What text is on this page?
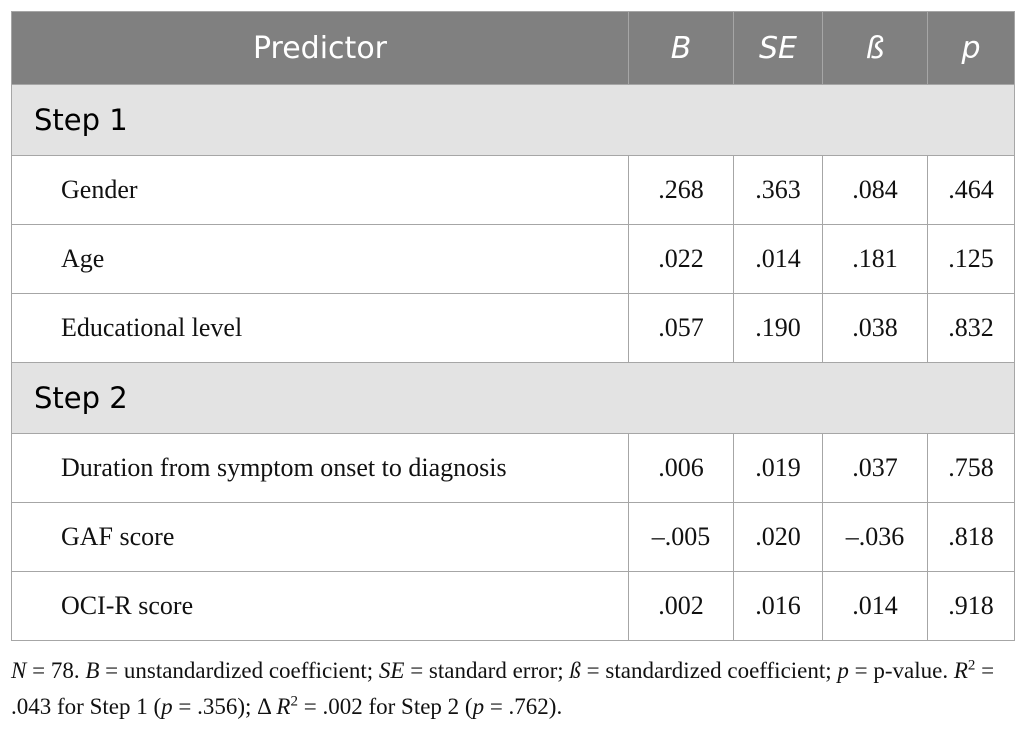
Predictor	B	SE	ß	p
Step 1				
Gender	.268	.363	.084	.464
Age	.022	.014	.181	.125
Educational level	.057	.190	.038	.832
Step 2				
Duration from symptom onset to diagnosis	.006	.019	.037	.758
GAF score	–.005	.020	–.036	.818
OCI-R score	.002	.016	.014	.918
N = 78. B = unstandardized coefficient; SE = standard error; ß = standardized coefficient; p = p-value. $R^2 = .043$ for Step 1 (p = .356); Δ $R^2 = .002$ for Step 2 (p = .762).
